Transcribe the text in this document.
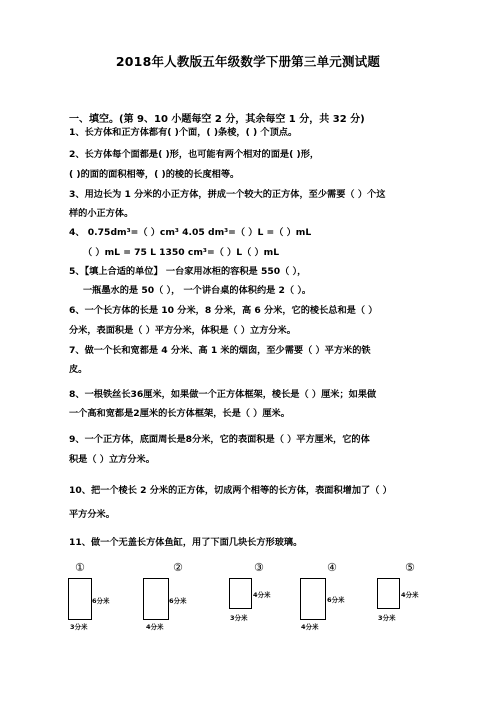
2018年人教版五年级数学下册第三单元测试题
一、填空。(第 9、10 小题每空 2 分，其余每空 1 分，共 32 分)
1、长方体和正方体都有( )个面，( )条棱，( ) 个顶点。
2、长方体每个面都是( )形，也可能有两个相对的面是( )形，
( )的面的面积相等，( )的棱的长度相等。
3、用边长为 1 分米的小正方体，拼成一个较大的正方体，至少需要（ ）个这
样的小正方体。
4、 0.75dm³=（ ）cm³ 4.05 dm³=（ ）L =（ ）mL
（ ）mL = 75 L 1350 cm³=（ ）L（ ）mL
5、【填上合适的单位】 一台家用冰柜的容积是 550（ ），
一瓶墨水的是 50（ ）， 一个讲台桌的体积约是 2（ ）。
6、一个长方体的长是 10 分米，8 分米，高 6 分米，它的棱长总和是（ ）
分米，表面积是（ ）平方分米，体积是（ ）立方分米。
7、做一个长和宽都是 4 分米、高 1 米的烟囱，至少需要（ ）平方米的铁
皮。
8、一根铁丝长36厘米，如果做一个正方体框架，棱长是（ ）厘米；如果做
一个高和宽都是2厘米的长方体框架，长是（ ）厘米。
9、一个正方体，底面周长是8分米，它的表面积是（ ）平方厘米，它的体
积是（ ）立方分米。
10、把一个棱长 2 分米的正方体，切成两个相等的长方体，表面积增加了（ ）
平方分米。
11、做一个无盖长方体鱼缸，用了下面几块长方形玻璃。
①
6分米
3分米
②
6分米
4分米
③
4分米
3分米
④
6分米
4分米
⑤
4分米
3分米
